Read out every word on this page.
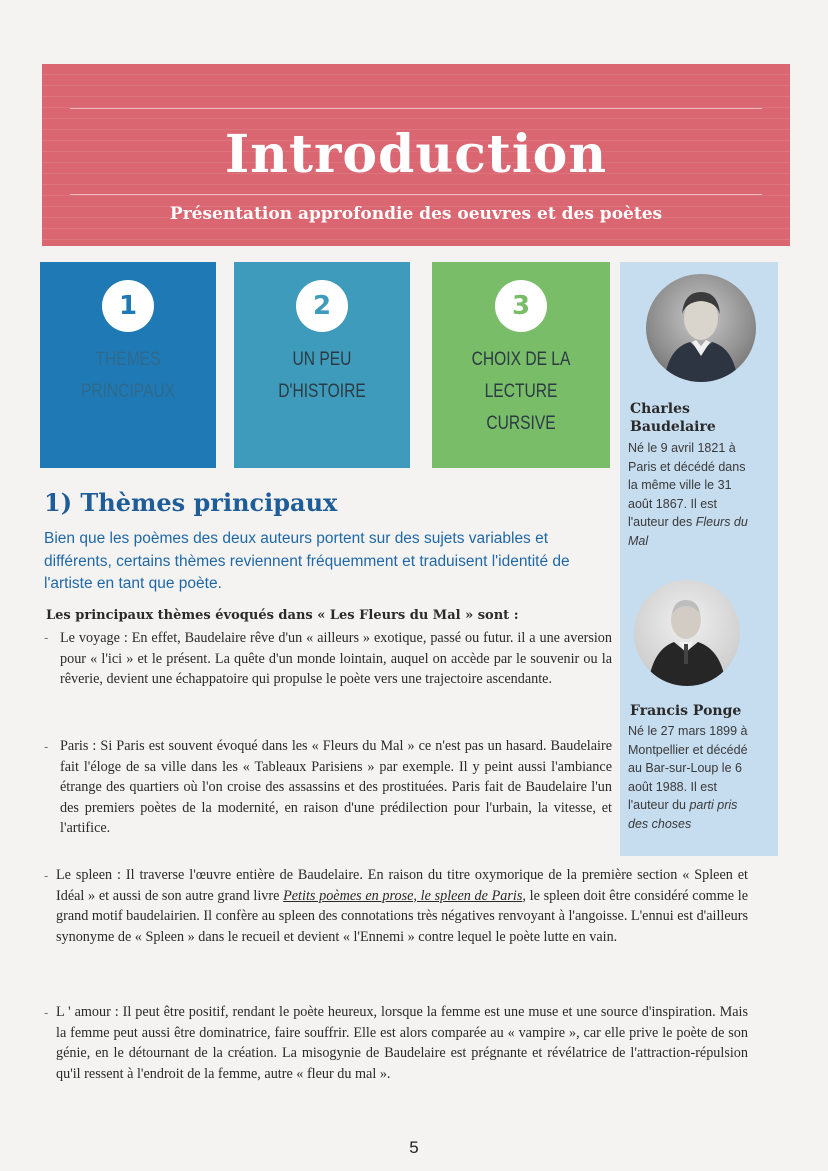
Introduction
Présentation approfondie des oeuvres et des poètes
1
THÈMES
PRINCIPAUX
2
UN PEU
D'HISTOIRE
3
CHOIX DE LA
LECTURE CURSIVE
Charles
Baudelaire
Né le 9 avril 1821 à
Paris et décédé dans
la même ville le 31
août 1867. Il est
l'auteur des Fleurs du
Mal
Francis Ponge
Né le 27 mars 1899 à
Montpellier et décédé
au Bar-sur-Loup le 6
août 1988. Il est
l'auteur du parti pris
des choses
1) Thèmes principaux
Bien que les poèmes des deux auteurs portent sur des sujets variables et différents, certains thèmes reviennent fréquemment et traduisent l'identité de l'artiste en tant que poète.
Les principaux thèmes évoqués dans « Les Fleurs du Mal » sont :
- Le voyage : En effet, Baudelaire rêve d'un « ailleurs » exotique, passé ou futur. il a une aversion pour « l'ici » et le présent. La quête d'un monde lointain, auquel on accède par le souvenir ou la rêverie, devient une échappatoire qui propulse le poète vers une trajectoire ascendante.
- Paris : Si Paris est souvent évoqué dans les « Fleurs du Mal » ce n'est pas un hasard. Baudelaire fait l'éloge de sa ville dans les « Tableaux Parisiens » par exemple. Il y peint aussi l'ambiance étrange des quartiers où l'on croise des assassins et des prostituées. Paris fait de Baudelaire l'un des premiers poètes de la modernité, en raison d'une prédilection pour l'urbain, la vitesse, et l'artifice.
- Le spleen : Il traverse l'œuvre entière de Baudelaire. En raison du titre oxymorique de la première section « Spleen et Idéal » et aussi de son autre grand livre Petits poèmes en prose, le spleen de Paris, le spleen doit être considéré comme le grand motif baudelairien. Il confère au spleen des connotations très négatives renvoyant à l'angoisse. L'ennui est d'ailleurs synonyme de « Spleen » dans le recueil et devient « l'Ennemi » contre lequel le poète lutte en vain.
- L ' amour : Il peut être positif, rendant le poète heureux, lorsque la femme est une muse et une source d'inspiration. Mais la femme peut aussi être dominatrice, faire souffrir. Elle est alors comparée au « vampire », car elle prive le poète de son génie, en le détournant de la création. La misogynie de Baudelaire est prégnante et révélatrice de l'attraction-répulsion qu'il ressent à l'endroit de la femme, autre « fleur du mal ».
5
